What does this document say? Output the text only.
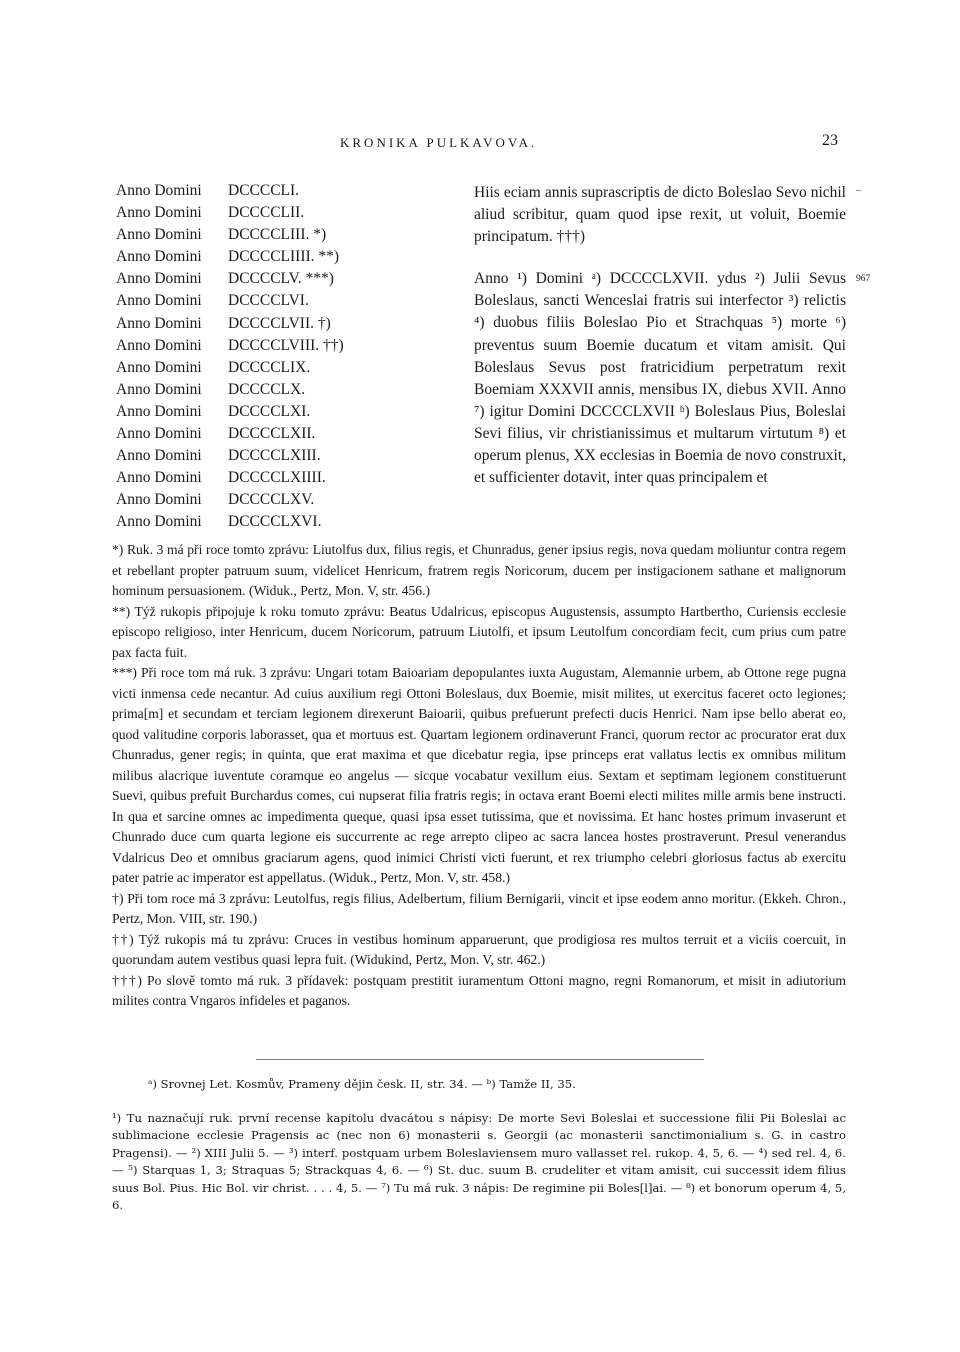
KRONIKA PULKAVOVA.	23
Anno Domini DCCCCLI.
Anno Domini DCCCCLII.
Anno Domini DCCCCLIII. *)
Anno Domini DCCCCLIIII. **)
Anno Domini DCCCCLV. ***)
Anno Domini DCCCCLVI.
Anno Domini DCCCCLVII. †)
Anno Domini DCCCCLVIII. ††)
Anno Domini DCCCCLIX.
Anno Domini DCCCCLX.
Anno Domini DCCCCLXI.
Anno Domini DCCCCLXII.
Anno Domini DCCCCLXIII.
Anno Domini DCCCCLXIIII.
Anno Domini DCCCCLXV.
Anno Domini DCCCCLXVI.

Hiis eciam annis suprascriptis de dicto Boleslao Sevo nichil aliud scribitur, quam quod ipse rexit, ut voluit, Boemie principatum. †††)

Anno ¹) Domini ᵃ) DCCCCLXVII. ydus ²) Julii Sevus Boleslaus, sancti Wenceslai fratris sui interfector ³) relictis ⁴) duobus filiis Boleslao Pio et Strachquas ⁵) morte ⁶) preventus suum Boemie ducatum et vitam amisit. Qui Boleslaus Sevus post fratricidium perpetratum rexit Boemiam XXXVII annis, mensibus IX, diebus XVII. Anno ⁷) igitur Domini DCCCCLXVII ᵇ) Boleslaus Pius, Boleslai Sevi filius, vir christianissimus et multarum virtutum ⁸) et operum plenus, XX ecclesias in Boemia de novo construxit, et sufficienter dotavit, inter quas principalem et

–
967

*) Ruk. 3 má při roce tomto zprávu: Liutolfus dux, filius regis, et Chunradus, gener ipsius regis, nova quedam moliuntur contra regem et rebellant propter patruum suum, videlicet Henricum, fratrem regis Noricorum, ducem per instigacionem sathane et malignorum hominum persuasionem. (Widuk., Pertz, Mon. V, str. 456.)

**) Týž rukopis připojuje k roku tomuto zprávu: Beatus Udalricus, episcopus Augustensis, assumpto Hartbertho, Curiensis ecclesie episcopo religioso, inter Henricum, ducem Noricorum, patruum Liutolfi, et ipsum Leutolfum concordiam fecit, cum prius cum patre pax facta fuit.

***) Při roce tom má ruk. 3 zprávu: Ungari totam Baioariam depopulantes iuxta Augustam, Alemannie urbem, ab Ottone rege pugna victi inmensa cede necantur. Ad cuius auxilium regi Ottoni Boleslaus, dux Boemie, misit milites, ut exercitus faceret octo legiones; prima[m] et secundam et terciam legionem direxerunt Baioarii, quibus prefuerunt prefecti ducis Henrici. Nam ipse bello aberat eo, quod valitudine corporis laborasset, qua et mortuus est. Quartam legionem ordinaverunt Franci, quorum rector ac procurator erat dux Chunradus, gener regis; in quinta, que erat maxima et que dicebatur regia, ipse princeps erat vallatus lectis ex omnibus militum milibus alacrique iuventute coramque eo angelus — sicque vocabatur vexillum eius. Sextam et septimam legionem constituerunt Suevi, quibus prefuit Burchardus comes, cui nupserat filia fratris regis; in octava erant Boemi electi milites mille armis bene instructi. In qua et sarcine omnes ac impedimenta queque, quasi ipsa esset tutissima, que et novissima. Et hanc hostes primum invaserunt et Chunrado duce cum quarta legione eis succurrente ac rege arrepto clipeo ac sacra lancea hostes prostraverunt. Presul venerandus Vdalricus Deo et omnibus graciarum agens, quod inimici Christi victi fuerunt, et rex triumpho celebri gloriosus factus ab exercitu pater patrie ac imperator est appellatus. (Widuk., Pertz, Mon. V, str. 458.)

†) Při tom roce má 3 zprávu: Leutolfus, regis filius, Adelbertum, filium Bernigarii, vincit et ipse eodem anno moritur. (Ekkeh. Chron., Pertz, Mon. VIII, str. 190.)

††) Týž rukopis má tu zprávu: Cruces in vestibus hominum apparuerunt, que prodigiosa res multos terruit et a viciis coercuit, in quorundam autem vestibus quasi lepra fuit. (Widukind, Pertz, Mon. V, str. 462.)

†††) Po slově tomto má ruk. 3 přídavek: postquam prestitit iuramentum Ottoni magno, regni Romanorum, et misit in adiutorium milites contra Vngaros infideles et paganos.

ᵃ) Srovnej Let. Kosmův, Prameny dějin česk. II, str. 34. — ᵇ) Tamže II, 35.

¹) Tu naznačují ruk. první recense kapitolu dvacátou s nápisy: De morte Sevi Boleslai et successione filii Pii Boleslai ac sublimacione ecclesie Pragensis ac (nec non 6) monasterii s. Georgii (ac monasterii sanctimonialium s. G. in castro Pragensi). — ²) XIII Julii 5. — ³) interf. postquam urbem Boleslaviensem muro vallasset rel. rukop. 4, 5, 6. — ⁴) sed rel. 4, 6. — ⁵) Starquas 1, 3; Straquas 5; Strackquas 4, 6. — ⁶) St. duc. suum B. crudeliter et vitam amisit, cui successit idem filius suus Bol. Pius. Hic Bol. vir christ. . . . 4, 5. — ⁷) Tu má ruk. 3 nápis: De regimine pii Boles[l]ai. — ⁸) et bonorum operum 4, 5, 6.
